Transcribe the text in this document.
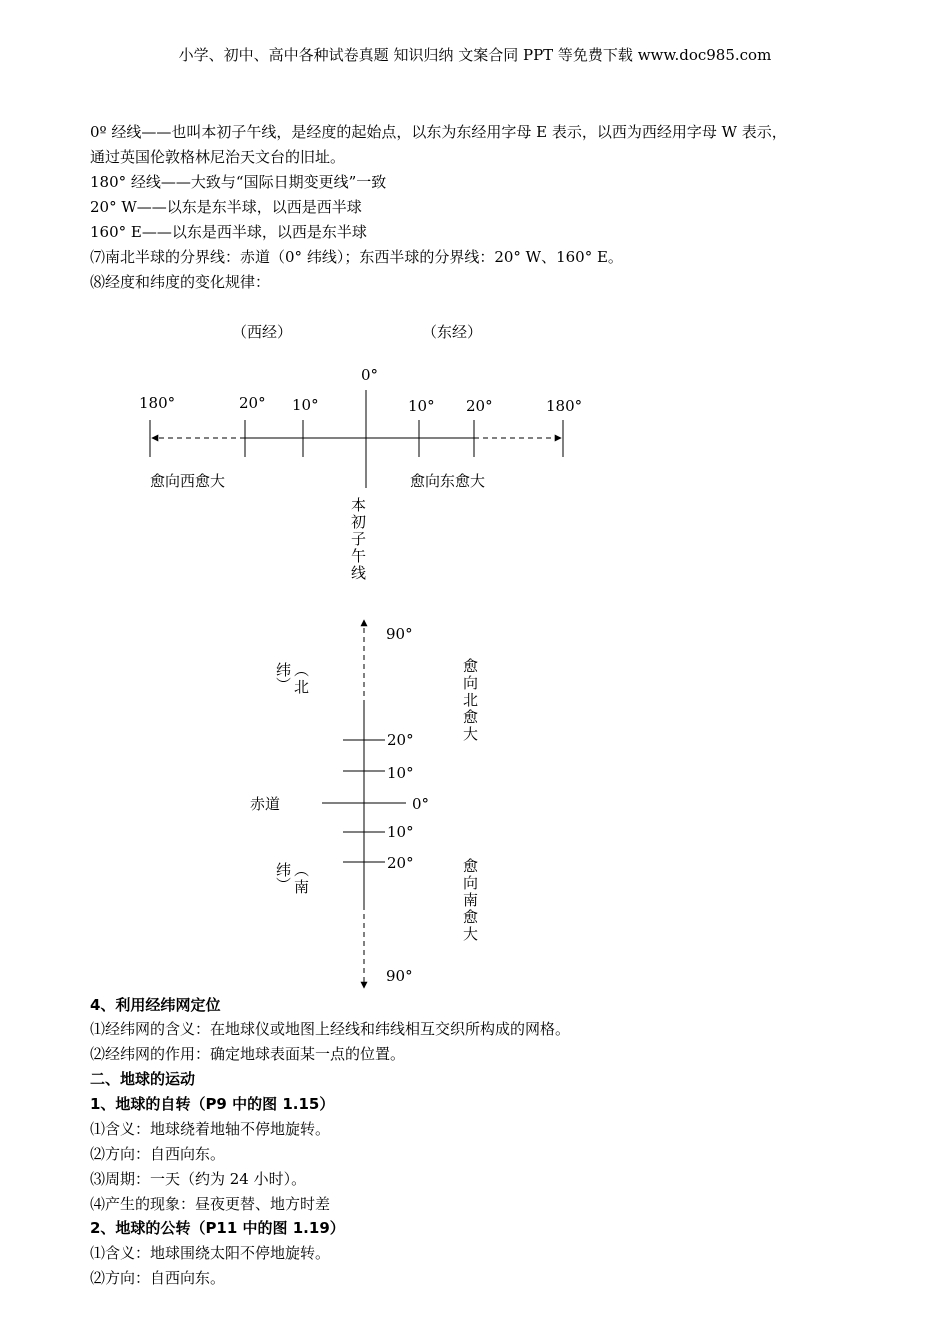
小学、初中、高中各种试卷真题 知识归纳 文案合同 PPT 等免费下载 www.doc985.com
0º 经线——也叫本初子午线，是经度的起始点，以东为东经用字母 E 表示，以西为西经用字母 W 表示，
通过英国伦敦格林尼治天文台的旧址。
180° 经线——大致与“国际日期变更线”一致
20° W——以东是东半球，以西是西半球
160° E——以东是西半球，以西是东半球
⑺南北半球的分界线：赤道（0° 纬线）；东西半球的分界线：20° W、160° E。
⑻经度和纬度的变化规律：
（西经）	（东经）
0°
180°	20° 10°	10° 20°	180°
愈向西愈大	愈向东愈大
本
初
子
午
线
90°
20°
10°
0°
10°
20°
90°
赤道
纬
︶
︵
北
纬
︶
︵
南
愈
向
北
愈
大
愈
向
南
愈
大
4、利用经纬网定位
⑴经纬网的含义：在地球仪或地图上经线和纬线相互交织所构成的网格。
⑵经纬网的作用：确定地球表面某一点的位置。
二、地球的运动
1、地球的自转（P9 中的图 1.15）
⑴含义：地球绕着地轴不停地旋转。
⑵方向：自西向东。
⑶周期：一天（约为 24 小时）。
⑷产生的现象：昼夜更替、地方时差
2、地球的公转（P11 中的图 1.19）
⑴含义：地球围绕太阳不停地旋转。
⑵方向：自西向东。
